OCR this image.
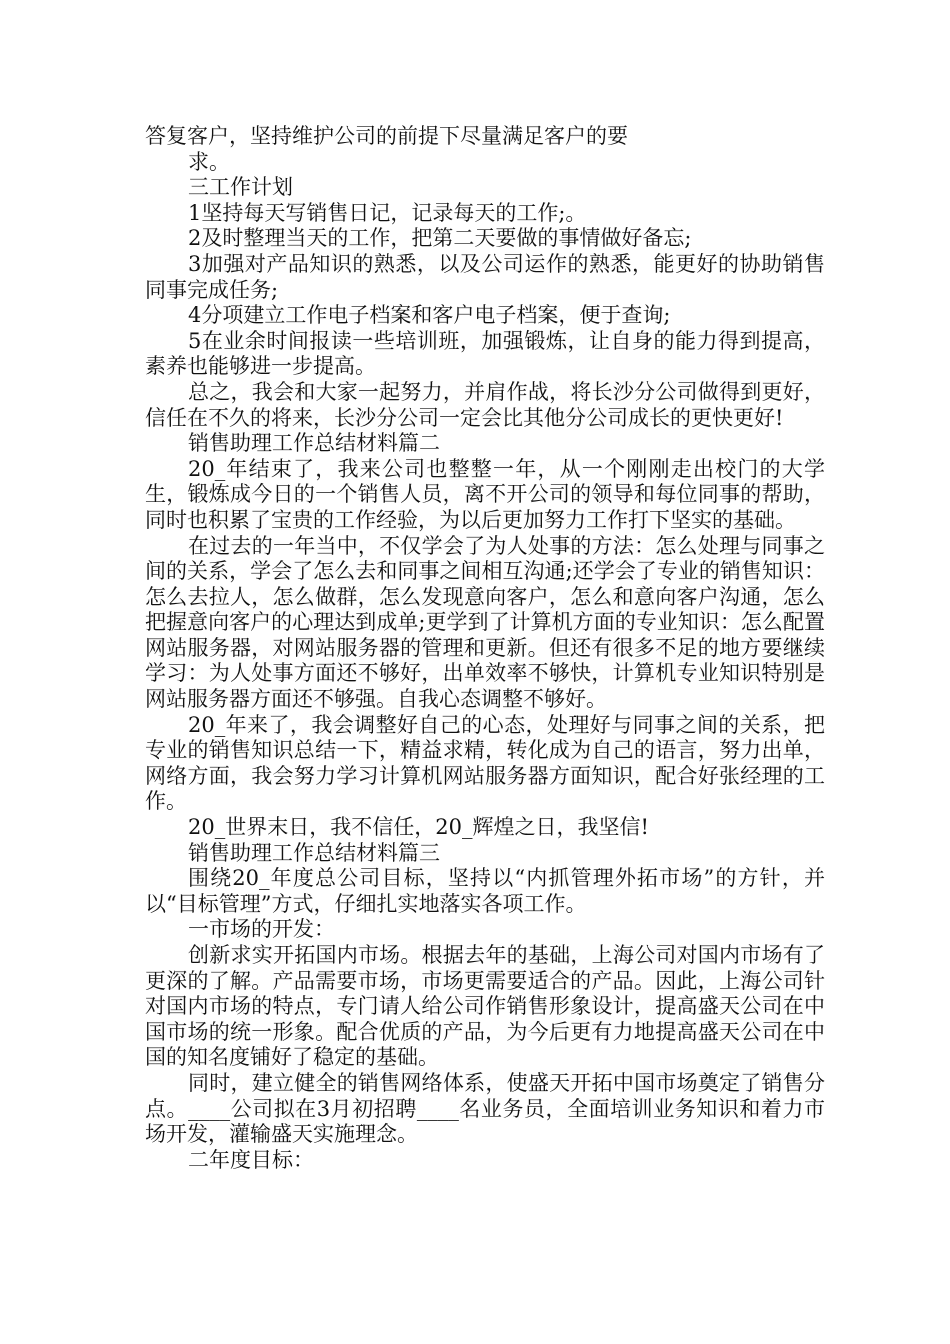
答复客户，坚持维护公司的前提下尽量满足客户的要

求。

三工作计划

1坚持每天写销售日记，记录每天的工作;。

2及时整理当天的工作，把第二天要做的事情做好备忘;

3加强对产品知识的熟悉，以及公司运作的熟悉，能更好的协助销售同事完成任务;

4分项建立工作电子档案和客户电子档案，便于查询;

5在业余时间报读一些培训班，加强锻炼，让自身的能力得到提高，素养也能够进一步提高。

总之，我会和大家一起努力，并肩作战，将长沙分公司做得到更好，信任在不久的将来，长沙分公司一定会比其他分公司成长的更快更好!

销售助理工作总结材料篇二

20_年结束了，我来公司也整整一年，从一个刚刚走出校门的大学生，锻炼成今日的一个销售人员，离不开公司的领导和每位同事的帮助，同时也积累了宝贵的工作经验，为以后更加努力工作打下坚实的基础。

在过去的一年当中，不仅学会了为人处事的方法：怎么处理与同事之间的关系，学会了怎么去和同事之间相互沟通;还学会了专业的销售知识：怎么去拉人，怎么做群，怎么发现意向客户，怎么和意向客户沟通，怎么把握意向客户的心理达到成单;更学到了计算机方面的专业知识：怎么配置网站服务器，对网站服务器的管理和更新。但还有很多不足的地方要继续学习：为人处事方面还不够好，出单效率不够快，计算机专业知识特别是网站服务器方面还不够强。自我心态调整不够好。

20_年来了，我会调整好自己的心态，处理好与同事之间的关系，把专业的销售知识总结一下，精益求精，转化成为自己的语言，努力出单，网络方面，我会努力学习计算机网站服务器方面知识，配合好张经理的工作。

20_世界末日，我不信任，20_辉煌之日，我坚信!

销售助理工作总结材料篇三

围绕20_年度总公司目标，坚持以“内抓管理外拓市场”的方针，并以“目标管理”方式，仔细扎实地落实各项工作。

一市场的开发：

创新求实开拓国内市场。根据去年的基础，上海公司对国内市场有了更深的了解。产品需要市场，市场更需要适合的产品。因此，上海公司针对国内市场的特点，专门请人给公司作销售形象设计，提高盛天公司在中国市场的统一形象。配合优质的产品，为今后更有力地提高盛天公司在中国的知名度铺好了稳定的基础。

同时，建立健全的销售网络体系，使盛天开拓中国市场奠定了销售分点。____公司拟在3月初招聘____名业务员，全面培训业务知识和着力市场开发，灌输盛天实施理念。

二年度目标：
